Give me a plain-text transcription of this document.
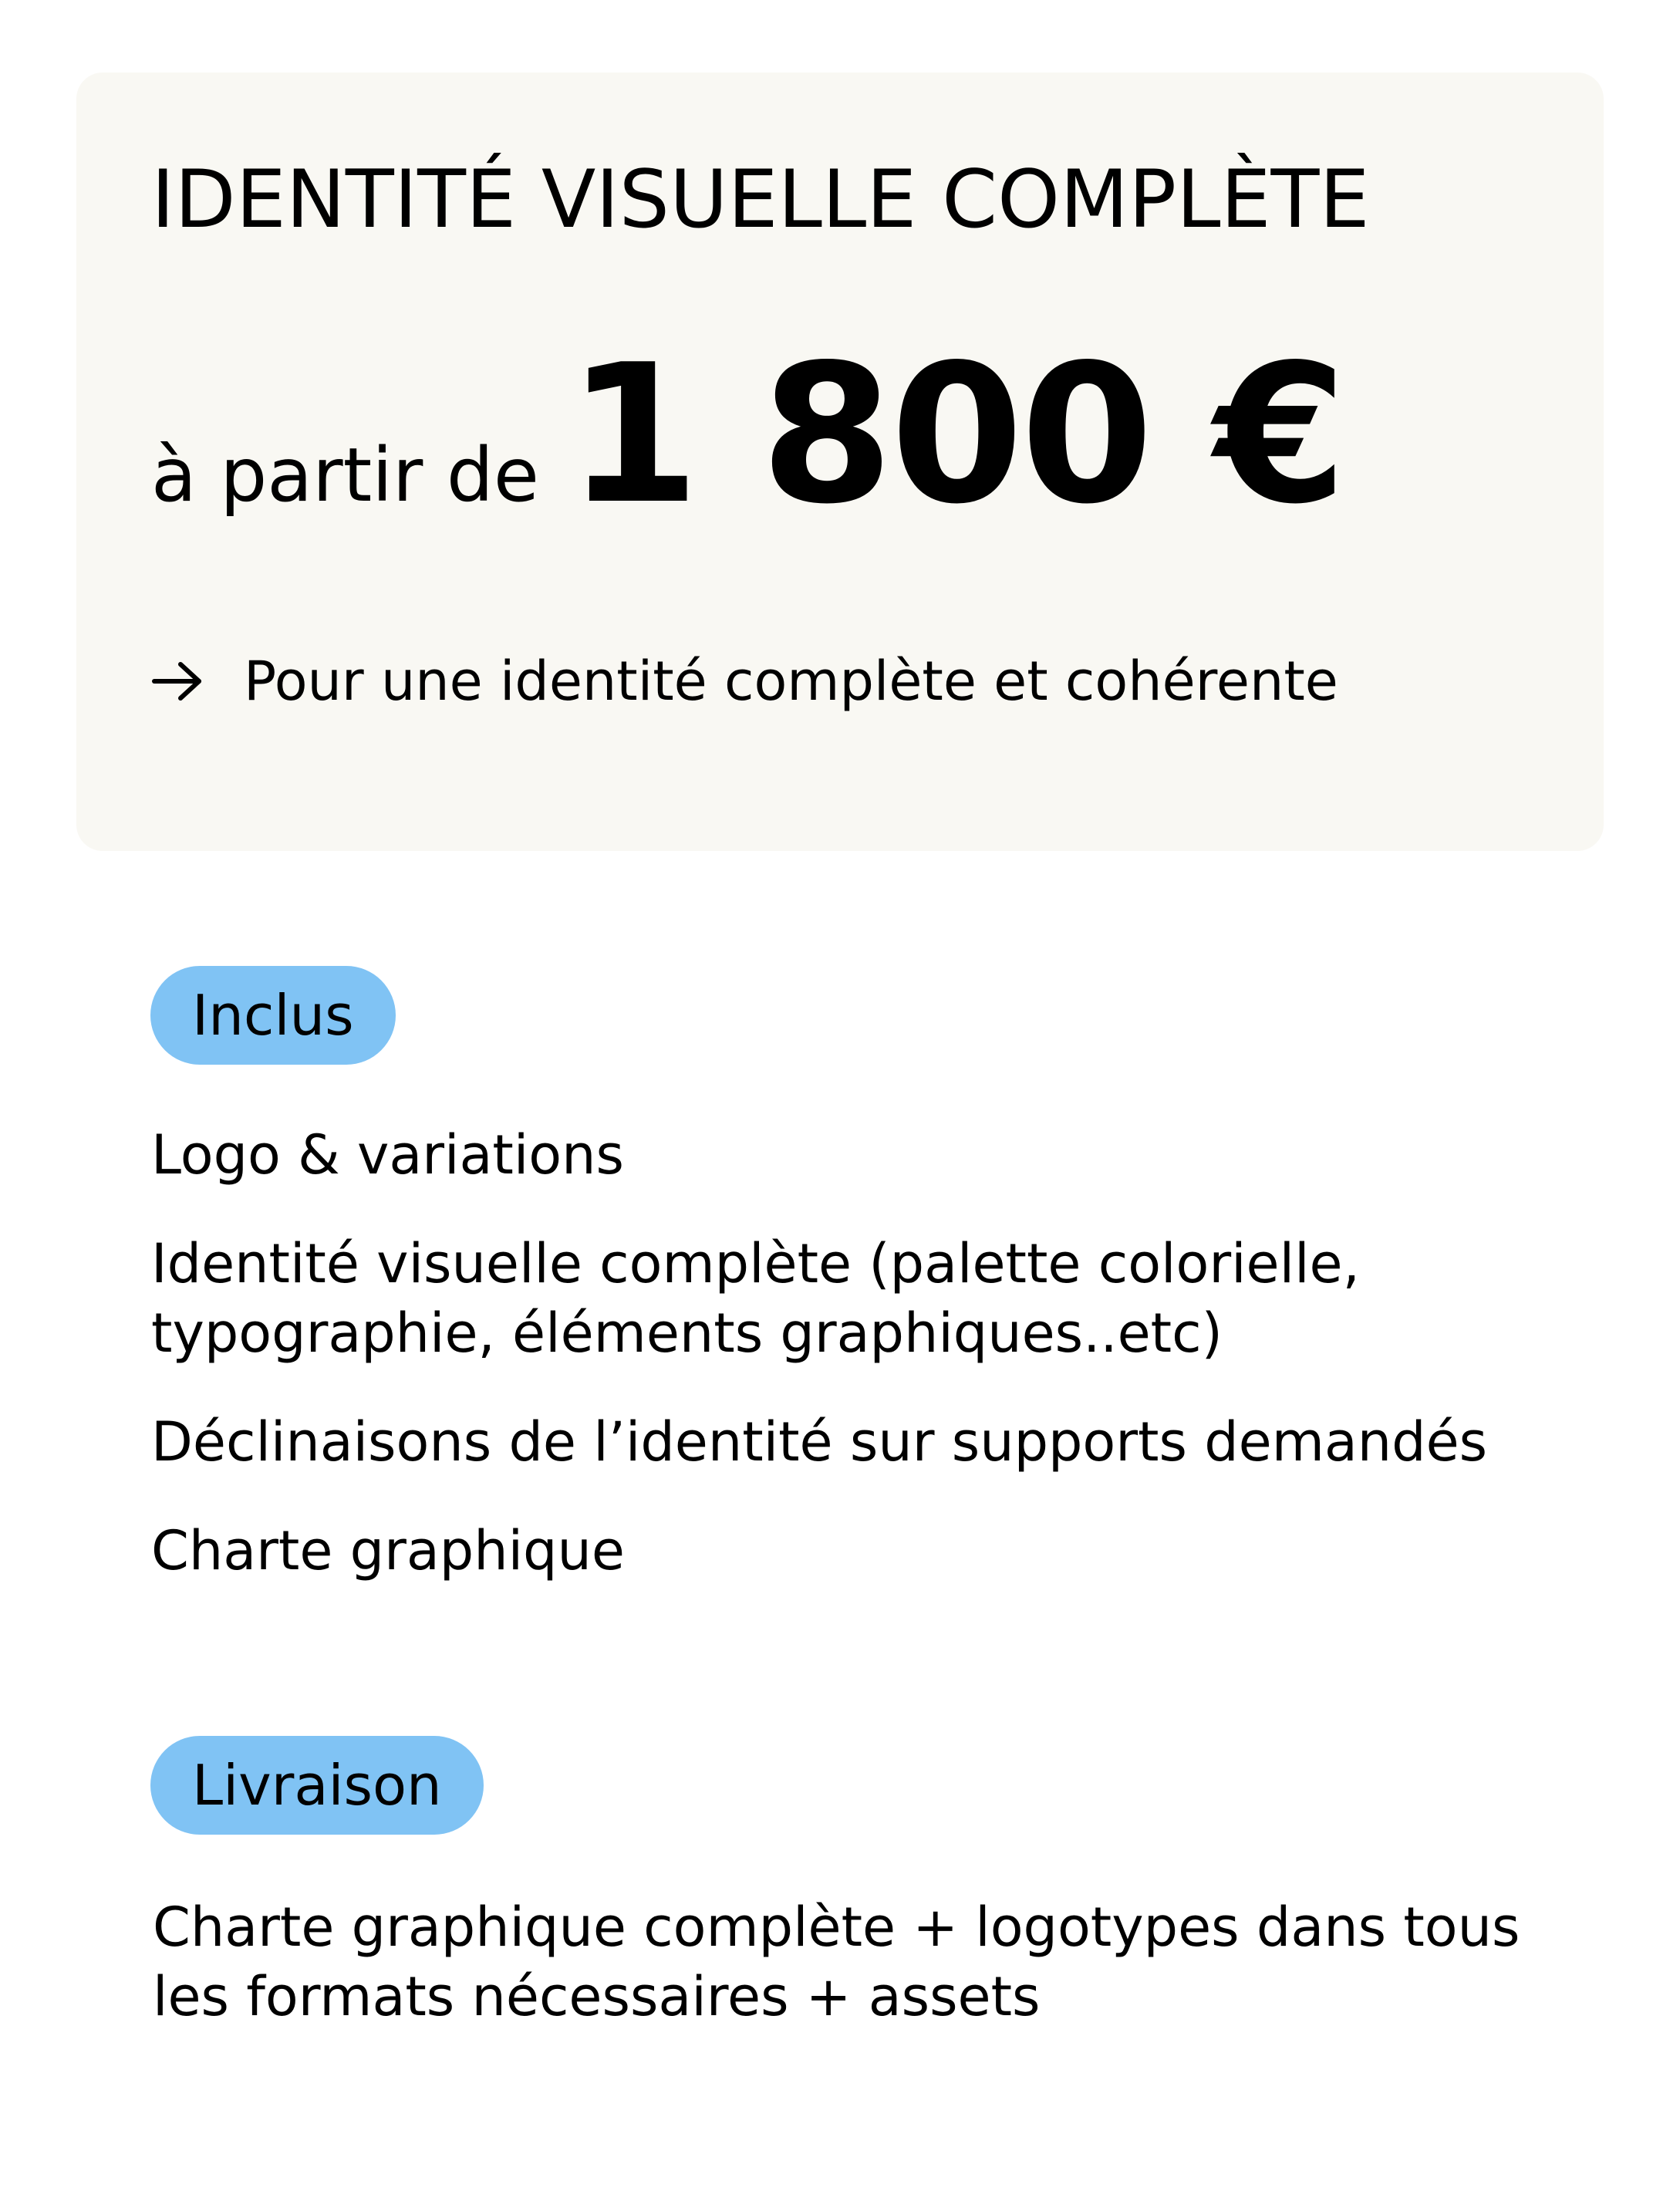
IDENTITÉ VISUELLE COMPLÈTE
à partir de 1 800 €
Pour une identité complète et cohérente
Inclus
Logo & variations
Identité visuelle complète (palette colorielle,
typographie, éléments graphiques..etc)
Déclinaisons de l’identité sur supports demandés
Charte graphique
Livraison

Charte graphique complète + logotypes dans tous
les formats nécessaires + assets
